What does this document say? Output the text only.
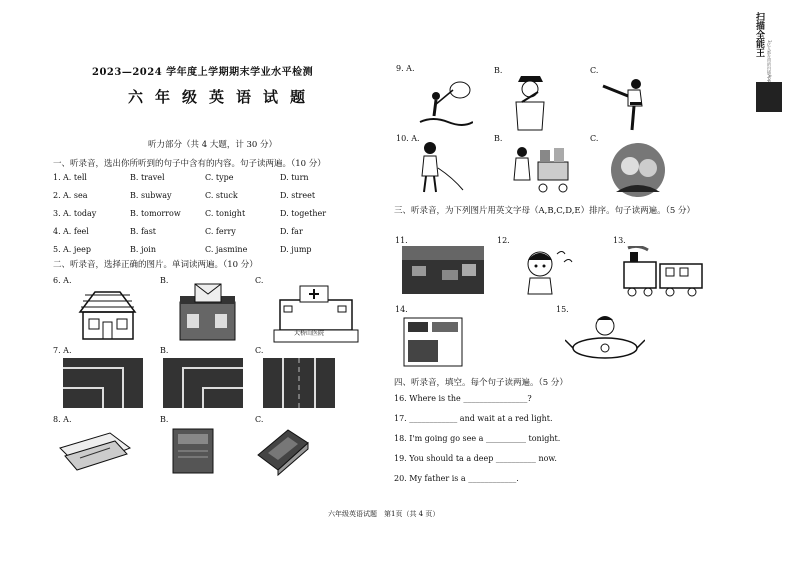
2023—2024 学年度上学期期末学业水平检测
六年级英语试题
听力部分（共 4 大题，计 30 分）
一、听录音，选出你所听到的句子中含有的内容。句子读两遍。（10 分）
1. A. tell	B. travel	C. type	D. turn
2. A. sea	B. subway	C. stuck	D. street
3. A. today	B. tomorrow	C. tonight	D. together
4. A. feel	B. fast	C. ferry	D. far
5. A. jeep	B. join	C. jasmine	D. jump
二、听录音，选择正确的图片。单词读两遍。（10 分）
6. A.	B.	C.
大桥山医院
7. A.	B.	C.
8. A.	B.	C.
9. A.	B.	C.
10. A.	B.	C.
三、听录音，为下列图片用英文字母（A,B,C,D,E）排序。句子读两遍。（5 分）
11.	12.	13.
14.	15.
四、听录音，填空。每个句子读两遍。（5 分）
16. Where is the ________________?
17. ____________ and wait at a red light.
18. I'm going go see a __________ tonight.
19. You should ta a deep __________ now.
20. My father is a ____________.
六年级英语试题　第1页（共 4 页）
扫描全能王
3亿人都在用的扫描App
